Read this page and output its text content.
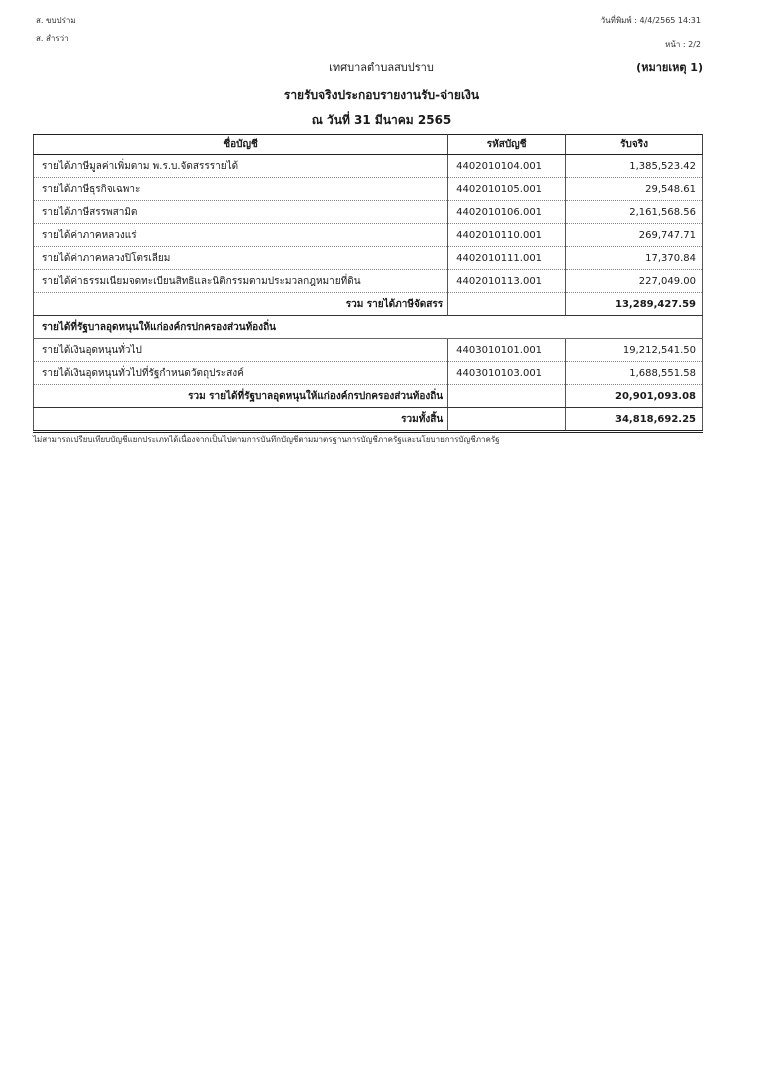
ส. ขบปร่าม
ส. สำรว่า
วันที่พิมพ์ : 4/4/2565 14:31
หน้า : 2/2
เทศบาลตำบลสบปราบ	(หมายเหตุ 1)
รายรับจริงประกอบรายงานรับ-จ่ายเงิน
ณ วันที่ 31 มีนาคม 2565
ชื่อบัญชี	รหัสบัญชี	รับจริง
รายได้ภาษีมูลค่าเพิ่มตาม พ.ร.บ.จัดสรรรายได้	4402010104.001	1,385,523.42
รายได้ภาษีธุรกิจเฉพาะ	4402010105.001	29,548.61
รายได้ภาษีสรรพสามิต	4402010106.001	2,161,568.56
รายได้ค่าภาคหลวงแร่	4402010110.001	269,747.71
รายได้ค่าภาคหลวงปิโตรเลียม	4402010111.001	17,370.84
รายได้ค่าธรรมเนียมจดทะเบียนสิทธิและนิติกรรมตามประมวลกฎหมายที่ดิน	4402010113.001	227,049.00
รวม รายได้ภาษีจัดสรร		13,289,427.59
รายได้ที่รัฐบาลอุดหนุนให้แก่องค์กรปกครองส่วนท้องถิ่น		
รายได้เงินอุดหนุนทั่วไป	4403010101.001	19,212,541.50
รายได้เงินอุดหนุนทั่วไปที่รัฐกำหนดวัตถุประสงค์	4403010103.001	1,688,551.58
รวม รายได้ที่รัฐบาลอุดหนุนให้แก่องค์กรปกครองส่วนท้องถิ่น		20,901,093.08
รวมทั้งสิ้น		34,818,692.25
ไม่สามารถเปรียบเทียบบัญชีแยกประเภทได้เนื่องจากเป็นไปตามการบันทึกบัญชีตามมาตรฐานการบัญชีภาครัฐและนโยบายการบัญชีภาครัฐ
